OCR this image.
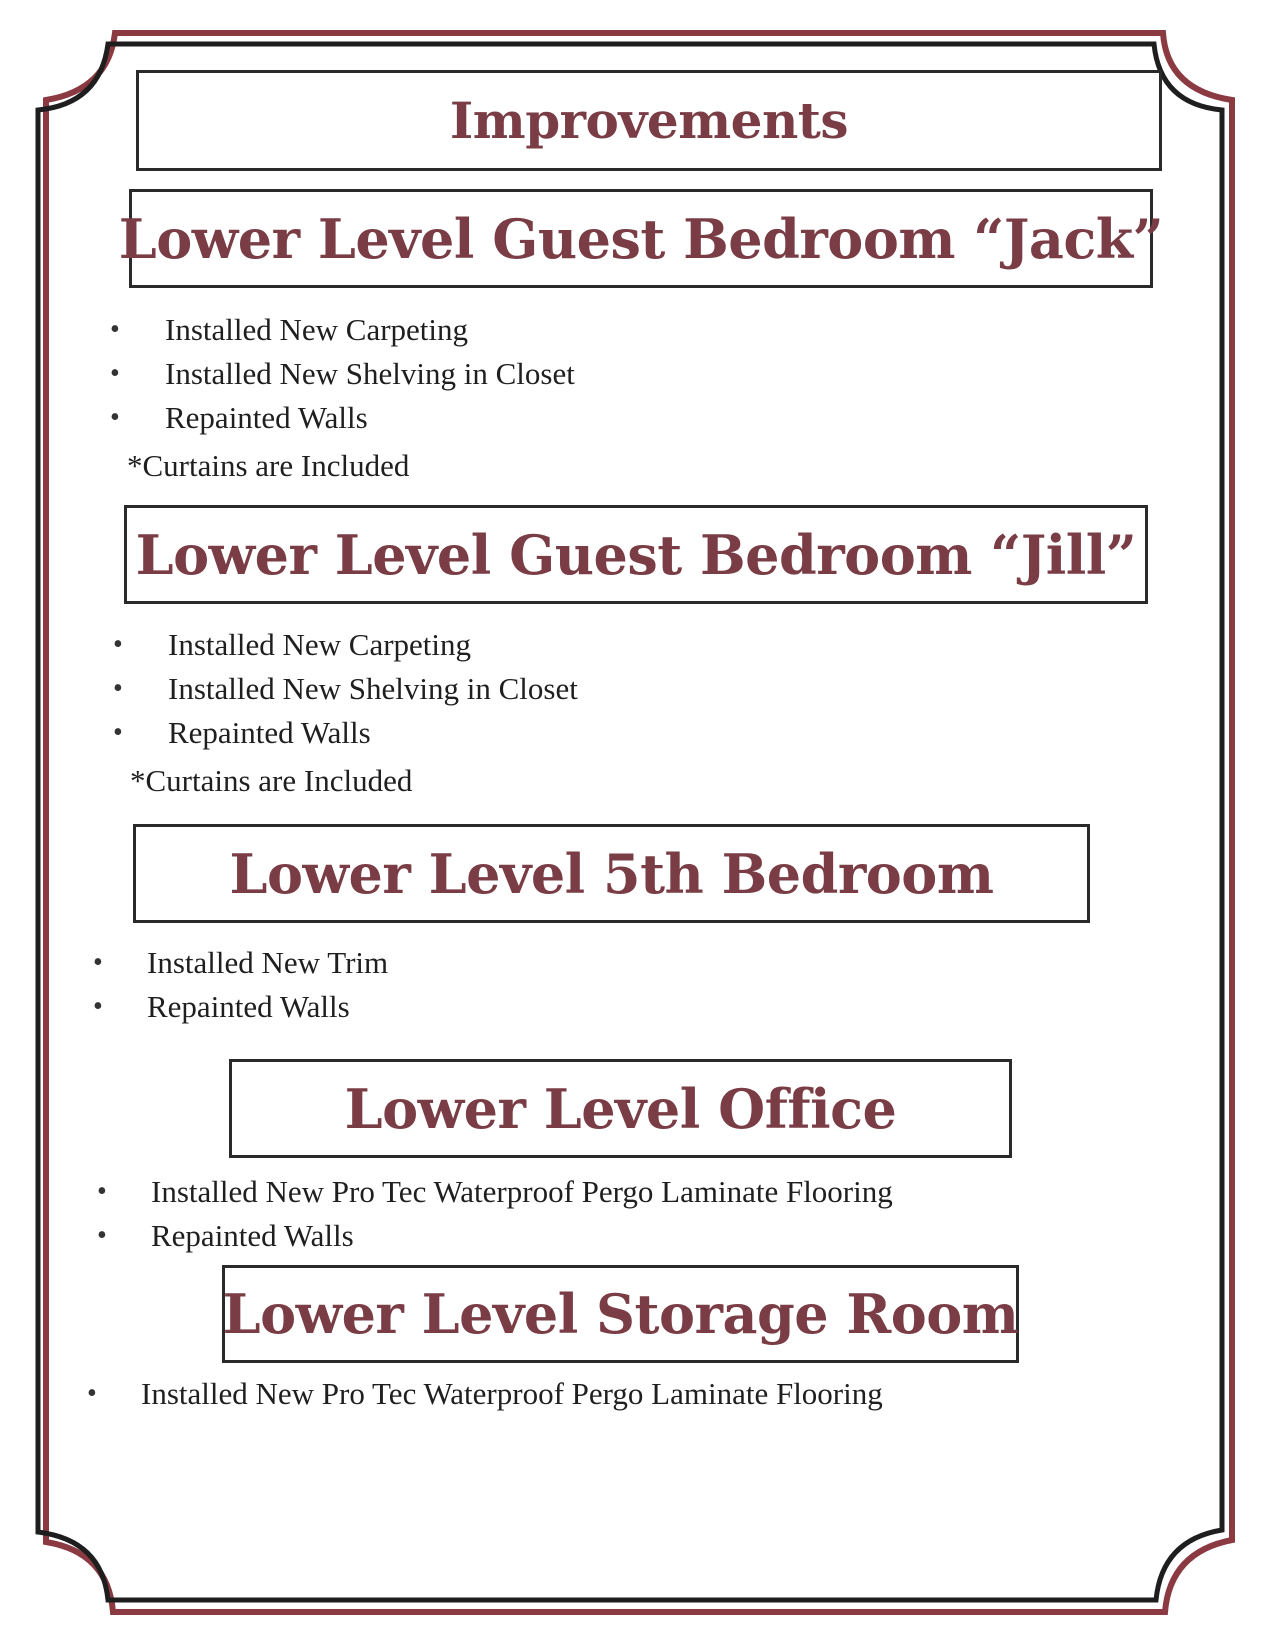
Improvements
Lower Level Guest Bedroom “Jack”
• Installed New Carpeting
• Installed New Shelving in Closet
• Repainted Walls
*Curtains are Included
Lower Level Guest Bedroom “Jill”
• Installed New Carpeting
• Installed New Shelving in Closet
• Repainted Walls
*Curtains are Included
Lower Level 5th Bedroom
• Installed New Trim
• Repainted Walls
Lower Level Office
• Installed New Pro Tec Waterproof Pergo Laminate Flooring
• Repainted Walls
Lower Level Storage Room
• Installed New Pro Tec Waterproof Pergo Laminate Flooring
